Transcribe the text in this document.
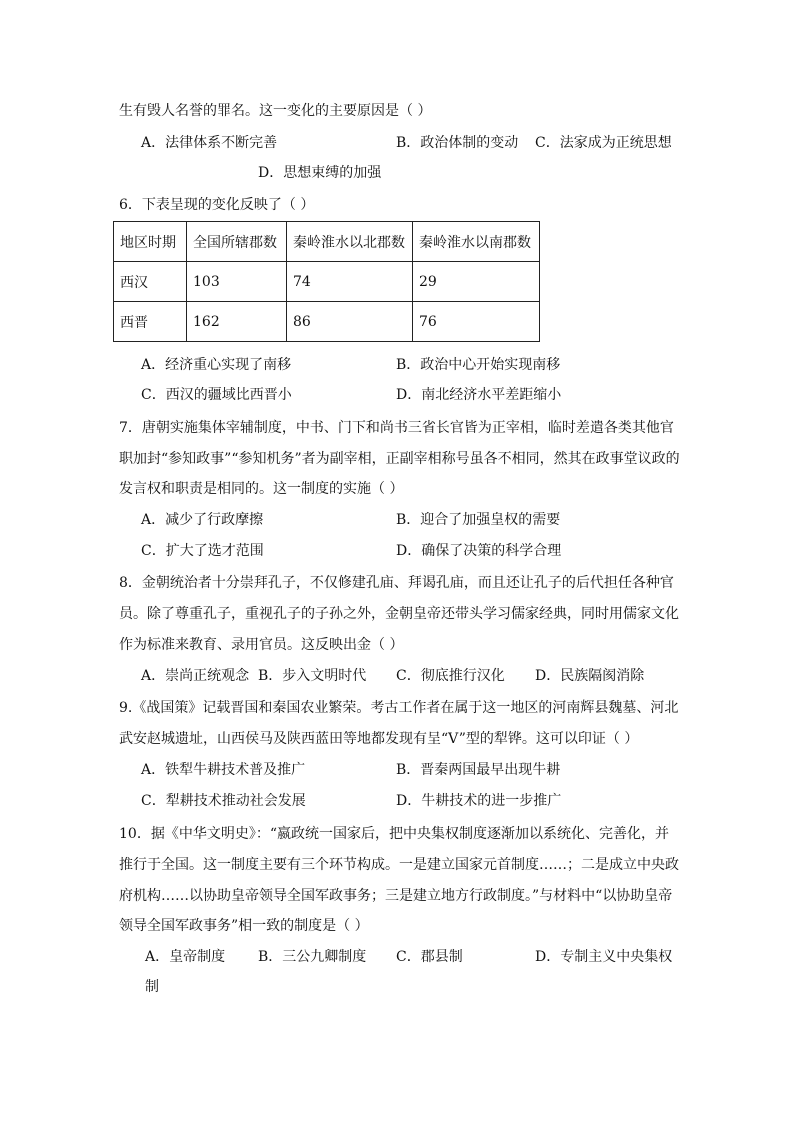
生有毁人名誉的罪名。这一变化的主要原因是（ ）
A．法律体系不断完善	B．政治体制的变动 C．法家成为正统思想
D．思想束缚的加强
6．下表呈现的变化反映了（ ）
地区时期	全国所辖郡数	秦岭淮水以北郡数	秦岭淮水以南郡数
西汉	103	74	29
西晋	162	86	76
A．经济重心实现了南移	B．政治中心开始实现南移
C．西汉的疆域比西晋小	D．南北经济水平差距缩小
7．唐朝实施集体宰辅制度，中书、门下和尚书三省长官皆为正宰相，临时差遣各类其他官
职加封“参知政事”“参知机务”者为副宰相，正副宰相称号虽各不相同，然其在政事堂议政的
发言权和职责是相同的。这一制度的实施（ ）
A．减少了行政摩擦	B．迎合了加强皇权的需要
C．扩大了选才范围	D．确保了决策的科学合理
8．金朝统治者十分崇拜孔子，不仅修建孔庙、拜谒孔庙，而且还让孔子的后代担任各种官
员。除了尊重孔子，重视孔子的子孙之外，金朝皇帝还带头学习儒家经典，同时用儒家文化
作为标准来教育、录用官员。这反映出金（ ）
A．崇尚正统观念 B．步入文明时代 C．彻底推行汉化 D．民族隔阂消除
9.《战国策》记载晋国和秦国农业繁荣。考古工作者在属于这一地区的河南辉县魏墓、河北
武安赵城遗址，山西侯马及陕西蓝田等地都发现有呈“V”型的犁铧。这可以印证（ ）
A．铁犁牛耕技术普及推广	B．晋秦两国最早出现牛耕
C．犁耕技术推动社会发展	D．牛耕技术的进一步推广
10．据《中华文明史》：“嬴政统一国家后，把中央集权制度逐渐加以系统化、完善化，并
推行于全国。这一制度主要有三个环节构成。一是建立国家元首制度……；二是成立中央政
府机构……以协助皇帝领导全国军政事务；三是建立地方行政制度。”与材料中“以协助皇帝
领导全国军政事务”相一致的制度是（ ）
A．皇帝制度 B．三公九卿制度 C．郡县制	D．专制主义中央集权
制
